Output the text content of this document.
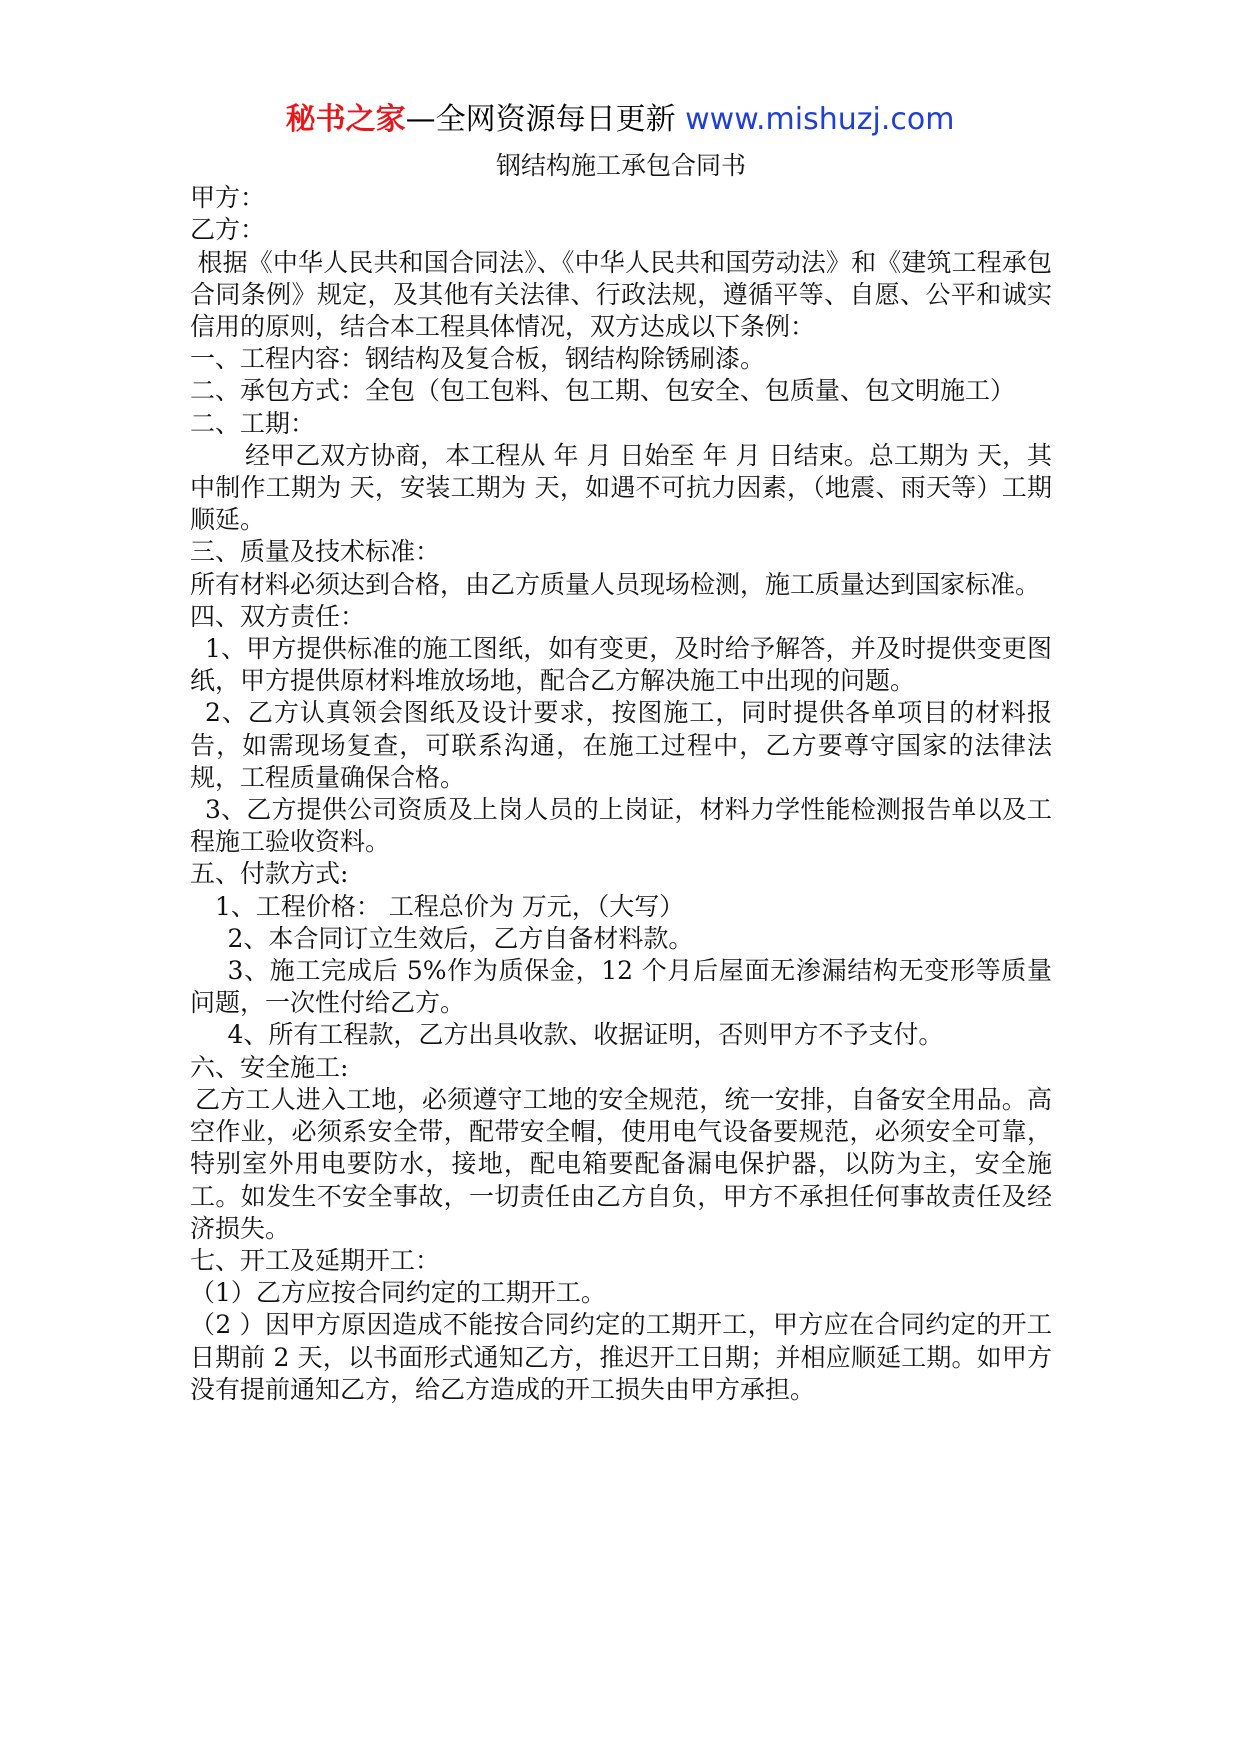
秘书之家—全网资源每日更新 www.mishuzj.com

钢结构施工承包合同书

甲方：

乙方：

根据《中华人民共和国合同法》、《中华人民共和国劳动法》和《建筑工程承包合同条例》规定，及其他有关法律、行政法规，遵循平等、自愿、公平和诚实信用的原则，结合本工程具体情况，双方达成以下条例：

一、工程内容：钢结构及复合板，钢结构除锈刷漆。

二、承包方式：全包（包工包料、包工期、包安全、包质量、包文明施工）

二、工期：

经甲乙双方协商，本工程从 年 月 日始至 年 月 日结束。总工期为 天，其中制作工期为 天，安装工期为 天，如遇不可抗力因素，（地震、雨天等）工期顺延。

三、质量及技术标准：

所有材料必须达到合格，由乙方质量人员现场检测，施工质量达到国家标准。

四、双方责任：

1、甲方提供标准的施工图纸，如有变更，及时给予解答，并及时提供变更图纸，甲方提供原材料堆放场地，配合乙方解决施工中出现的问题。

2、乙方认真领会图纸及设计要求，按图施工，同时提供各单项目的材料报告，如需现场复查，可联系沟通，在施工过程中，乙方要尊守国家的法律法规，工程质量确保合格。

3、乙方提供公司资质及上岗人员的上岗证，材料力学性能检测报告单以及工程施工验收资料。

五、付款方式:

1、工程价格： 工程总价为 万元，（大写）

2、本合同订立生效后，乙方自备材料款。

3、施工完成后 5%作为质保金，12 个月后屋面无渗漏结构无变形等质量问题，一次性付给乙方。

4、所有工程款，乙方出具收款、收据证明，否则甲方不予支付。

六、安全施工:

乙方工人进入工地，必须遵守工地的安全规范，统一安排，自备安全用品。高空作业，必须系安全带，配带安全帽，使用电气设备要规范，必须安全可靠，特别室外用电要防水，接地，配电箱要配备漏电保护器，以防为主，安全施工。如发生不安全事故，一切责任由乙方自负，甲方不承担任何事故责任及经济损失。

七、开工及延期开工：

（1）乙方应按合同约定的工期开工。

（2 ）因甲方原因造成不能按合同约定的工期开工，甲方应在合同约定的开工日期前 2 天，以书面形式通知乙方，推迟开工日期；并相应顺延工期。如甲方没有提前通知乙方，给乙方造成的开工损失由甲方承担。
